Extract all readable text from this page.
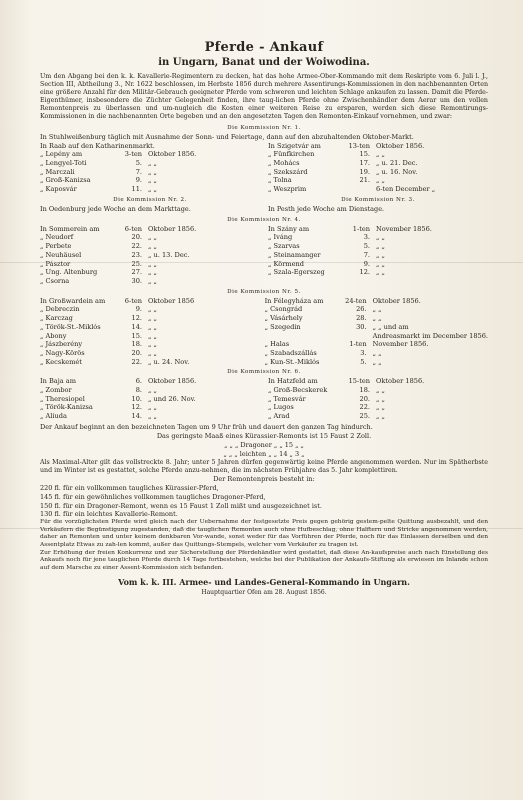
Pferde - Ankauf
in Ungarn, Banat und der Woiwodina.
Um den Abgang bei den k. k. Kavallerie-Regimentern zu decken, hat das hohe Armee-Ober-Kommando mit dem Reskripte vom 6. Juli l. J., Section III, Abtheilung 3., Nr. 1622 beschlossen, im Herbste 1856 durch mehrere Assentirungs-Kommissionen in den nachbenannten Orten eine größere Anzahl für den Militär-Gebrauch geeigneter Pferde vom schweren und leichten Schlage ankaufen zu lassen. Damit die Pferde-Eigenthümer, insbesondere die Züchter Gelegenheit finden, ihre taug-lichen Pferde ohne Zwischenhändler dem Aerar um den vollen Remontenpreis zu überlassen und um-nugleich die Kosten einer weiteren Reise zu ersparen, werden sich diese Remontirungs-Kommissionen in die nachbenannten Orte begeben und an den angesetzten Tagen den Remonten-Einkauf vornehmen, und zwar:
Die Kommission Nr. 1.
In Stuhlweißenburg täglich mit Ausnahme der Sonn- und Feiertage, dann auf den abzuhaltenden Oktober-Markt.
In Raab auf den Katharinenmarkt.
„ Lepény am	3-ten Oktober 1856.
„ Lengyel-Toti	5. „ „
„ Marczali	7. „ „
„ Groß-Kanizsa	9. „ „
„ Kaposvár	11. „ „
In Szigetvár am	13-ten Oktober 1856.
„ Fünfkirchen	15. „ „
„ Mohács	17. „ u. 21. Dec.
„ Szekszárd	19. „ u. 16. Nov.
„ Tolna	21. „ „
„ Weszprim	6-ten December „
Die Kommission Nr. 2.
In Oedenburg jede Woche an dem Markttage.
Die Kommission Nr. 3.
In Pesth jede Woche am Dienstage.
Die Kommission Nr. 4.
In Sommerein am	6-ten Oktober 1856.
„ Neudorf	20. „ „
„ Perbete	22. „ „
„ Neuhäusel	23. „ u. 13. Dec.
„ Pásztor	25. „ „
„ Ung. Altenburg	27. „ „
„ Csorna	30. „ „
In Szány am	1-ten November 1856.
„ Iváng	3. „ „
„ Szarvas	5. „ „
„ Steinamanger	7. „ „
„ Körmend	9. „ „
„ Szala-Egerszeg	12. „ „
Die Kommission Nr. 5.
In Großwardein am	6-ten Oktober 1856
„ Debreczin	9. „ „
„ Karczag	12. „ „
„ Török-St.-Miklós	14. „ „
„ Abony	15. „ „
„ Jászberény	18. „ „
„ Nagy-Körös	20. „ „
„ Kecskemét	22. „ u. 24. Nov.
In Félegyháza am	24-ten Oktober 1856.
„ Csongrád	26. „ „
„ Vásárhely	28. „ „
„ Szegedin	30. „ „ und am
Andreasmarkt im December 1856.
„ Halas	1-ten November 1856.
„ Szabadszállás	3. „ „
„ Kun-St.-Miklós	5. „ „
Die Kommission Nr. 6.
In Baja am	6. Oktober 1856.
„ Zombor	8. „ „
„ Theresiopel	10. „ und 26. Nov.
„ Török-Kanizsa	12. „ „
„ Aliuda	14. „ „
In Hatzfeld am	15-ten Oktober 1856.
„ Groß-Becskerek	18. „ „
„ Temesvár	20. „ „
„ Lugos	22. „ „
„ Arad	25. „ „
Der Ankauf beginnt an den bezeichneten Tagen um 9 Uhr früh und dauert den ganzen Tag hindurch.
Das geringste Maaß eines Kürassier-Remonts ist 15 Faust 2 Zoll.
„ „ „ Dragoner „ „ 15 „ „
„ „ „ leichten „ „ 14 „ 3 „
Als Maximal-Alter gilt das vollstreckte 8. Jahr; unter 5 Jahren dürfen gegenwärtig keine Pferde angenommen werden. Nur im Spätherbste und im Winter ist es gestattet, solche Pferde anzu-nehmen, die im nächsten Frühjahre das 5. Jahr komplettiren.
Der Remontenpreis besteht in:
220 fl. für ein vollkommen taugliches Kürassier-Pferd,
145 fl. für ein gewöhnliches vollkommen taugliches Dragoner-Pferd,
150 fl. für ein Dragoner-Remont, wenn es 15 Faust 1 Zoll mißt und ausgezeichnet ist.
130 fl. für ein leichtes Kavallerie-Remont.
Für die vorzüglichsten Pferde wird gleich nach der Uebernahme der festgesetzte Preis gegen gehörig gestem-pelte Quittung ausbezahlt, und den Verkäufern die Begünstigung zugestanden, daß die tauglichen Remonten auch ohne Hufbeschlag, ohne Halftern und Stricke angenommen werden, daher an Remonten und unter keinem denkbaren Vor-wande, sonst weder für das Vorführen der Pferde, noch für das Einlassen derselben und den Assentplatz Etwas zu zah-len kommt, außer das Quittungs-Stempels, welcher vom Verkäufer zu tragen ist.
Zur Erhöhung der freien Konkurrenz und zur Sicherstellung der Pferdehändler wird gestattet, daß diese An-kaufspreise auch nach Einstellung des Ankaufs noch für jene tauglichen Pferde durch 14 Tage fortbestehen, welche bei der Publikation der Ankaufs-Stiftung als erwiesen im Inlande schon auf dem Marsche zu einer Assent-Kommission sich befanden.
Vom k. k. III. Armee- und Landes-General-Kommando in Ungarn.
Hauptquartier Ofen am 28. August 1856.
